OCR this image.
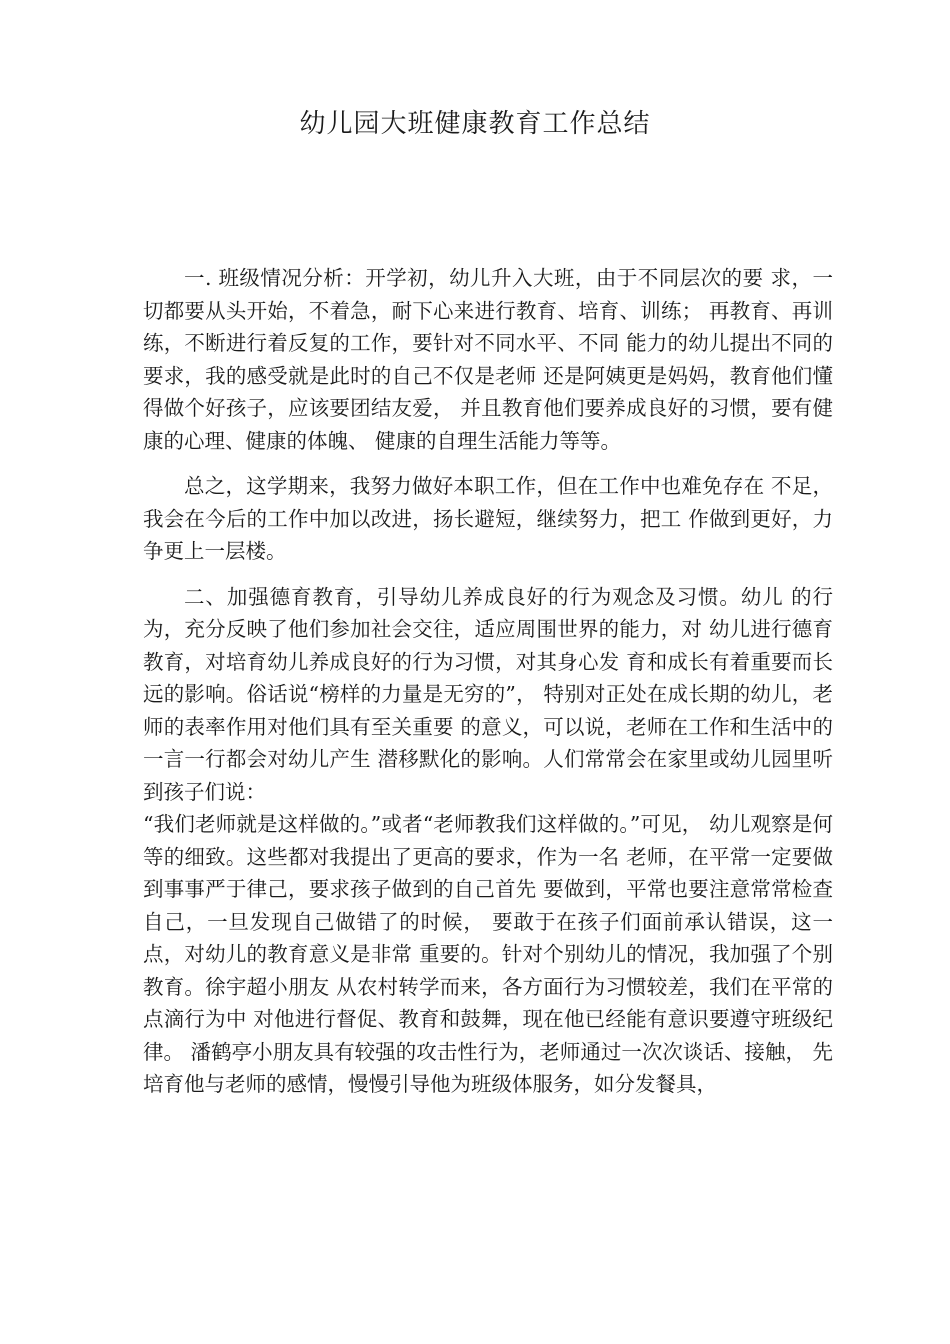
幼儿园大班健康教育工作总结

一. 班级情况分析：开学初，幼儿升入大班，由于不同层次的要 求，一切都要从头开始，不着急，耐下心来进行教育、培育、训练； 再教育、再训练，不断进行着反复的工作，要针对不同水平、不同 能力的幼儿提出不同的要求，我的感受就是此时的自己不仅是老师 还是阿姨更是妈妈，教育他们懂得做个好孩子，应该要团结友爱， 并且教育他们要养成良好的习惯，要有健康的心理、健康的体魄、 健康的自理生活能力等等。

总之，这学期来，我努力做好本职工作，但在工作中也难免存在 不足，我会在今后的工作中加以改进，扬长避短，继续努力，把工 作做到更好，力争更上一层楼。

二、加强德育教育，引导幼儿养成良好的行为观念及习惯。幼儿 的行为，充分反映了他们参加社会交往，适应周围世界的能力，对 幼儿进行德育教育，对培育幼儿养成良好的行为习惯，对其身心发 育和成长有着重要而长远的影响。俗话说“榜样的力量是无穷的”， 特别对正处在成长期的幼儿，老师的表率作用对他们具有至关重要 的意义，可以说，老师在工作和生活中的一言一行都会对幼儿产生 潜移默化的影响。人们常常会在家里或幼儿园里听到孩子们说：

“我们老师就是这样做的。”或者“老师教我们这样做的。”可见， 幼儿观察是何等的细致。这些都对我提出了更高的要求，作为一名 老师，在平常一定要做到事事严于律己，要求孩子做到的自己首先 要做到，平常也要注意常常检查自己，一旦发现自己做错了的时候， 要敢于在孩子们面前承认错误，这一点，对幼儿的教育意义是非常 重要的。针对个别幼儿的情况，我加强了个别教育。徐宇超小朋友 从农村转学而来，各方面行为习惯较差，我们在平常的点滴行为中 对他进行督促、教育和鼓舞，现在他已经能有意识要遵守班级纪律。 潘鹤亭小朋友具有较强的攻击性行为，老师通过一次次谈话、接触， 先培育他与老师的感情，慢慢引导他为班级体服务，如分发餐具，
